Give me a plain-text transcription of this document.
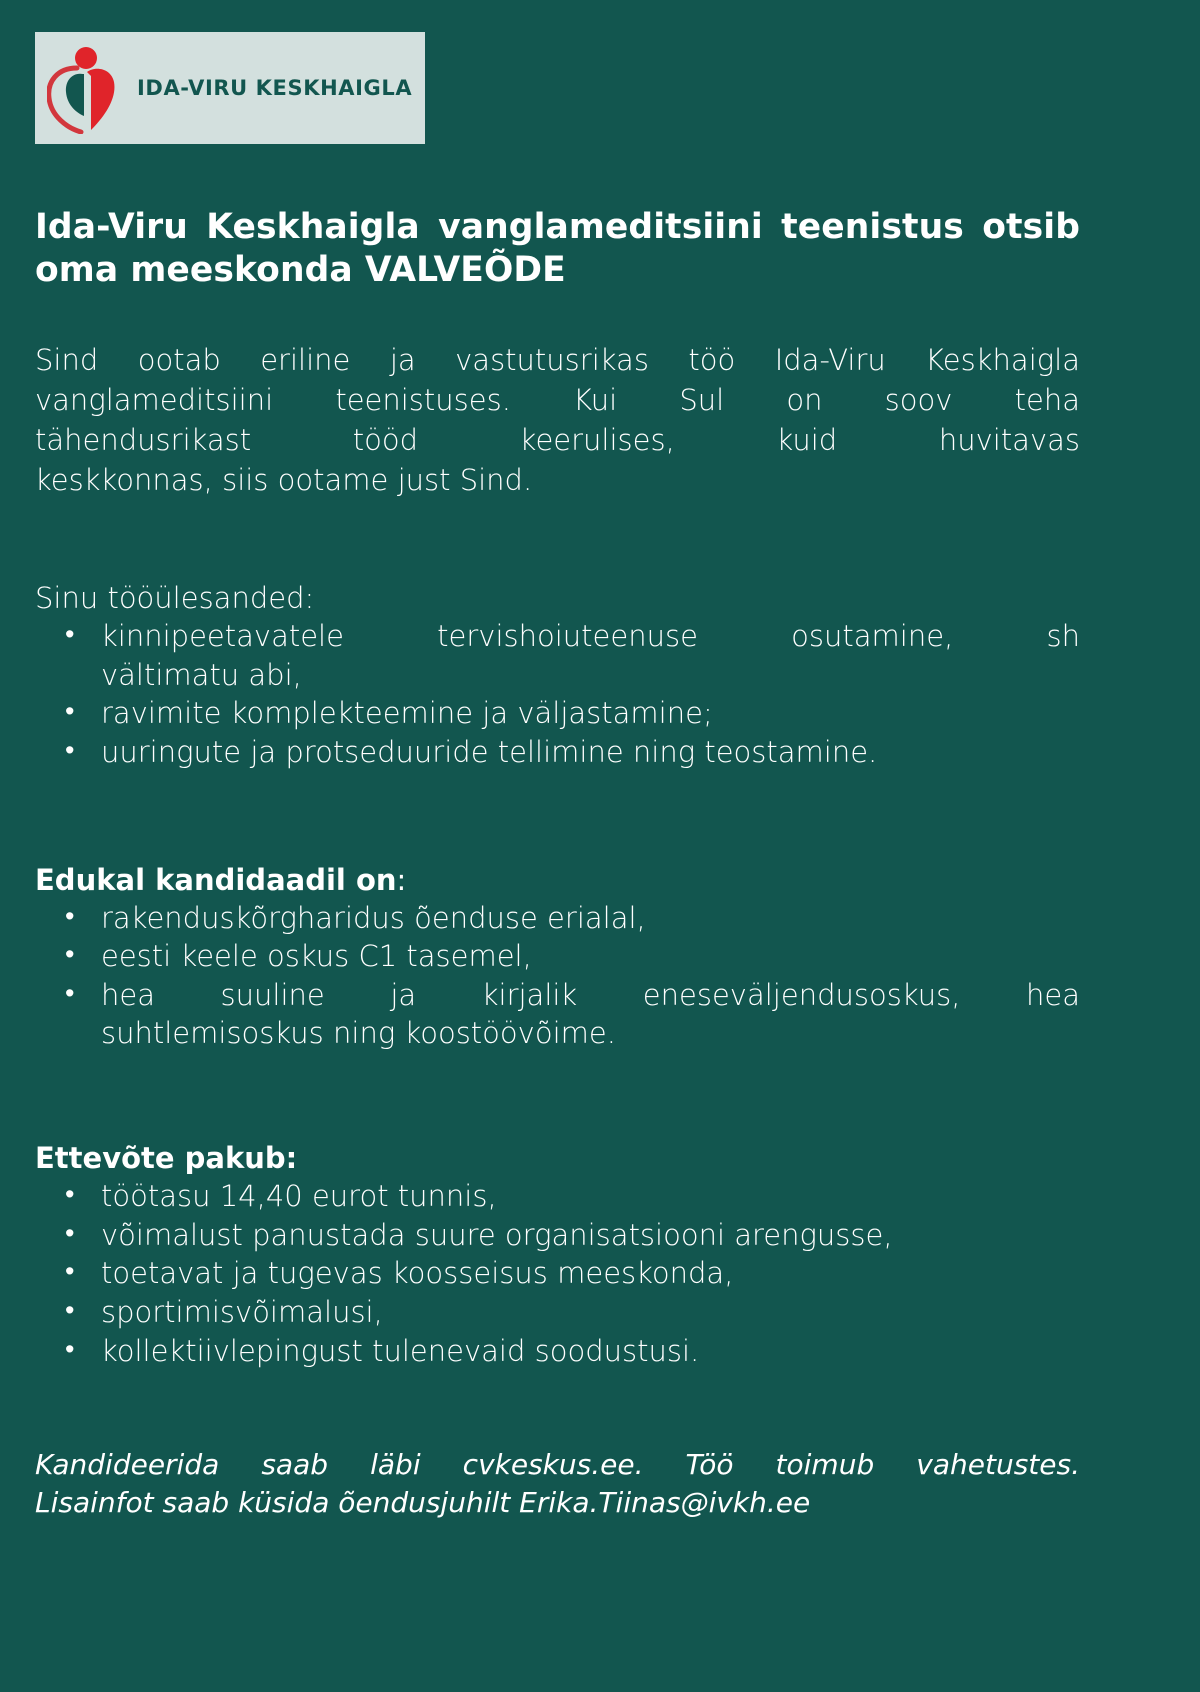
IDA-VIRU KESKHAIGLA
Ida-Viru Keskhaigla vanglameditsiini teenistus otsib
oma meeskonda VALVEÕDE
Sind ootab eriline ja vastutusrikas töö Ida-Viru Keskhaigla
vanglameditsiini teenistuses. Kui Sul on soov teha
tähendusrikast tööd keerulises, kuid huvitavas
keskkonnas, siis ootame just Sind.
Sinu tööülesanded:
• kinnipeetavatele tervishoiuteenuse osutamine, sh
vältimatu abi,
• ravimite komplekteemine ja väljastamine;
• uuringute ja protseduuride tellimine ning teostamine.
Edukal kandidaadil on:
• rakenduskõrgharidus õenduse erialal,
• eesti keele oskus C1 tasemel,
• hea suuline ja kirjalik eneseväljendusoskus, hea
suhtlemisoskus ning koostöövõime.
Ettevõte pakub:
• töötasu 14,40 eurot tunnis,
• võimalust panustada suure organisatsiooni arengusse,
• toetavat ja tugevas koosseisus meeskonda,
• sportimisvõimalusi,
• kollektiivlepingust tulenevaid soodustusi.
Kandideerida saab läbi cvkeskus.ee. Töö toimub vahetustes.
Lisainfot saab küsida õendusjuhilt Erika.Tiinas@ivkh.ee
